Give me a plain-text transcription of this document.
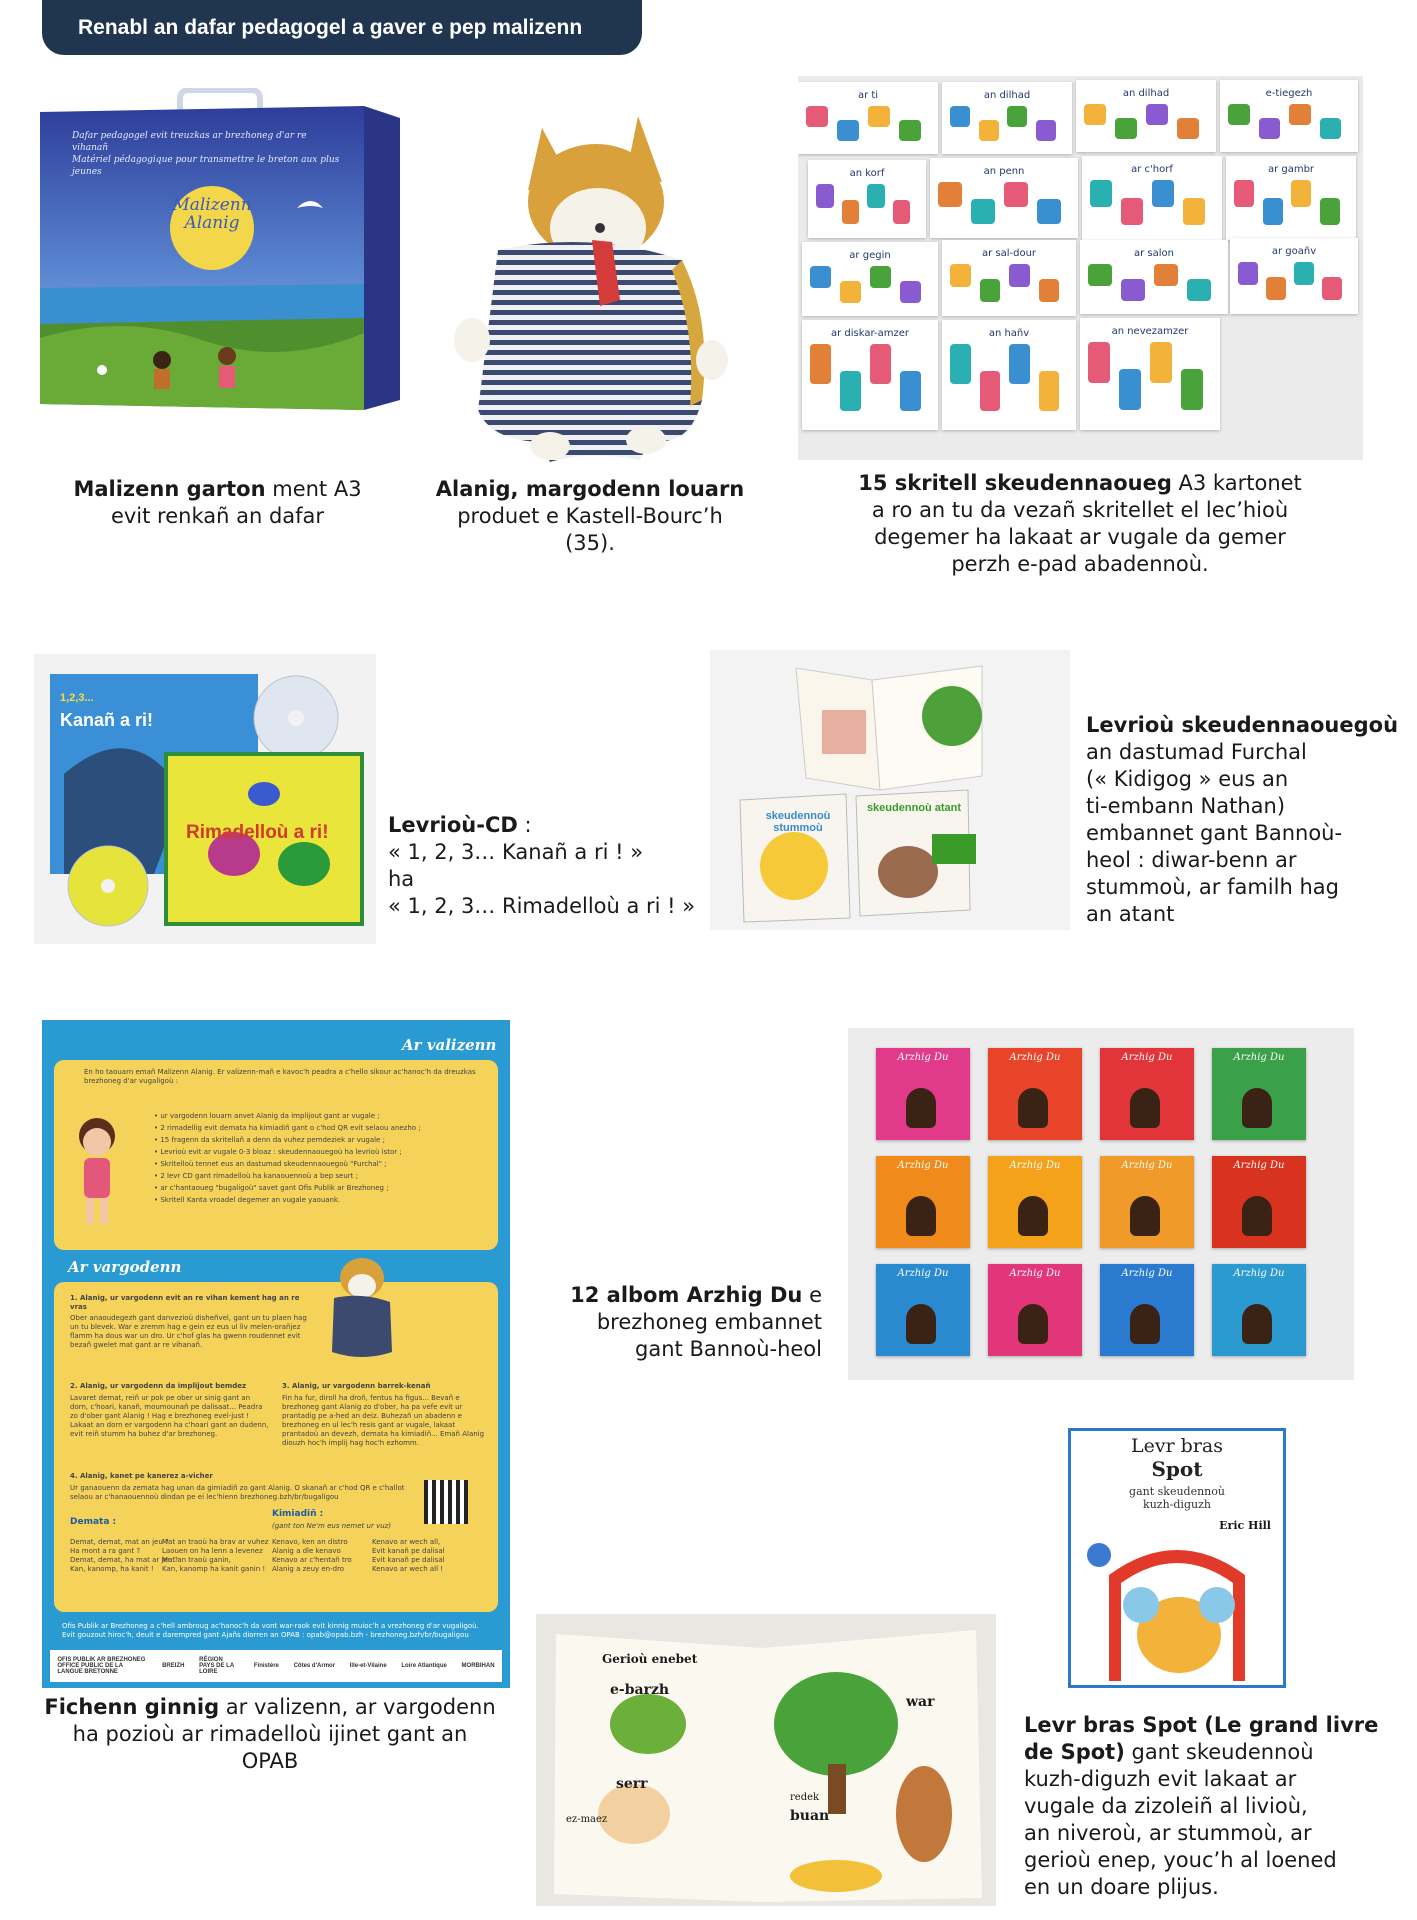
Renabl an dafar pedagogel a gaver e pep malizenn
Dafar pedagogel evit treuzkas ar brezhoneg d'ar re vihanañ
Matériel pédagogique pour transmettre le breton aux plus jeunes
Malizenn
Alanig
Malizenn garton ment A3
evit renkañ an dafar
Alanig, margodenn louarn
produet e Kastell-Bourc’h
(35).
ar ti	an dilhad	an dilhad	e-tiegezh
an korf	an penn	ar c'horf	ar gambr
ar gegin	ar sal-dour	ar salon	ar goañv
ar diskar-amzer	an hañv	an nevezamzer
15 skritell skeudennaoueg A3 kartonet
a ro an tu da vezañ skritellet el lec’hioù
degemer ha lakaat ar vugale da gemer
perzh e-pad abadennoù.
Kanañ a ri!
1,2,3...
Rimadelloù a ri!	Levrioù-CD :
« 1, 2, 3… Kanañ a ri ! »
ha
« 1, 2, 3… Rimadelloù a ri ! »
skeudennoù stummoù
skeudennoù atant
Levrioù skeudennaouegoù
an dastumad Furchal
(« Kidigog » eus an
ti-embann Nathan)
embannet gant Bannoù-
heol : diwar-benn ar
stummoù, ar familh hag
an atant
Ar valizenn
En ho taouarn emañ Malizenn Alanig. Er valizenn-mañ e kavoc'h peadra a c'hello sikour ac'hanoc'h da dreuzkas brezhoneg d'ar vugaligoù :
• ur vargodenn louarn anvet Alanig da implijout gant ar vugale ;
• 2 rimadellig evit demata ha kimiadiñ gant o c'hod QR evit selaou anezho ;
• 15 fragenn da skritellañ a denn da vuhez pemdeziek ar vugale ;
• Levrioù evit ar vugale 0-3 bloaz : skeudennaouegoù ha levrioù istor ;
• Skritelloù tennet eus an dastumad skeudennaouegoù "Furchal" ;
• 2 levr CD gant rimadelloù ha kanaouennoù a bep seurt ;
• ar c'hantaoueg "bugaligoù" savet gant Ofis Publik ar Brezhoneg ;
• Skritell Kanta vroadel degemer an vugale yaouank.
Ar vargodenn
1. Alanig, ur vargodenn evit an re vihan kement hag an re vras
Ober anaoudegezh gant danvezioù disheñvel, gant un tu plaen hag un tu blevek. War e zremm hag e gein ez eus ul liv melen-orañjez flamm ha dous war un dro. Ur c'hof glas ha gwenn roudennet evit bezañ gwelet mat gant ar re vihanañ.
2. Alanig, ur vargodenn da implijout bemdez
Lavaret demat, reiñ ur pok pe ober ur sinig gant an dorn, c'hoari, kanañ, moumounañ pe dalisaat... Peadra zo d'ober gant Alanig ! Hag e brezhoneg evel-just ! Lakaat an dorn er vargodenn ha c'hoari gant an dudenn, evit reiñ stumm ha buhez d'ar brezhoneg.
3. Alanig, ur vargodenn barrek-kenañ
Fin ha fur, diroll ha droñ, fentus ha figus... Bevañ e brezhoneg gant Alanig zo d'ober, ha pa vefe evit ur prantadig pe a-hed an deiz. Buhezañ un abadenn e brezhoneg en ul lec'h resis gant ar vugale, lakaat prantadoù an devezh, demata ha kimiadiñ... Emañ Alanig diouzh hoc'h implij hag hoc'h ezhomm.
4. Alanig, kanet pe kanerez a-vicher
Ur ganaouenn da zemata hag unan da gimiadiñ zo gant Alanig. O skanañ ar c'hod QR e c'hallot selaou ar c'hanaouennoù dindan pe ei lec'hienn brezhoneg.bzh/br/bugaligou
Demata :
Kimiadiñ :
(gant ton Ne'm eus nemet ur vuz)
Demat, demat, mat an jeu ?
Ha mont a ra gant ?
Demat, demat, ha mat ar jeu ?
Kan, kanomp, ha kanit !
Mat an traoù ha brav ar vuhez
Laouen on ha lenn a levenez
Mat an traoù ganin,
Kan, kanomp ha kanit ganin !
Kenavo, ken an distro
Alanig a dle kenavo
Kenavo ar c'hentañ tro
Alanig a zeuy en-dro
Kenavo ar wech all,
Evit kanañ pe dalisal
Evit kanañ pe dalisal
Kenavo ar wech all !
Ofis Publik ar Brezhoneg a c'hell ambroug ac'hanoc'h da vont war-raok evit kinnig muioc'h a vrezhoneg d'ar vugaligoù. Evit gouzout hiroc'h, deuit e darempred gant Ajañs diorren an OPAB : opab@opab.bzh - brezhoneg.bzh/br/bugaligou
OFIS PUBLIK AR BREZHONEG
OFFICE PUBLIC DE LA LANGUE BRETONNE
BREIZH
RÉGION PAYS DE LA LOIRE
Finistère Côtes d'Armor Ille-et-Vilaine Loire Atlantique MORBIHAN
Fichenn ginnig ar valizenn, ar vargodenn
ha pozioù ar rimadelloù ijinet gant an
OPAB
Arzhig Du	Arzhig Du	Arzhig Du	Arzhig Du
Arzhig Du	Arzhig Du	Arzhig Du	Arzhig Du
Arzhig Du	Arzhig Du	Arzhig Du	Arzhig Du
12 albom Arzhig Du e
brezhoneg embannet
gant Bannoù-heol
Levr bras
Spot
gant skeudennoù
kuzh-diguzh
Eric Hill
Gerioù enebet
e-barzh
war
serr
buan
redek
ez-maez
Levr bras Spot (Le grand livre
de Spot) gant skeudennoù
kuzh-diguzh evit lakaat ar
vugale da zizoleiñ al livioù,
an niveroù, ar stummoù, ar
gerioù enep, youc’h al loened
en un doare plijus.
